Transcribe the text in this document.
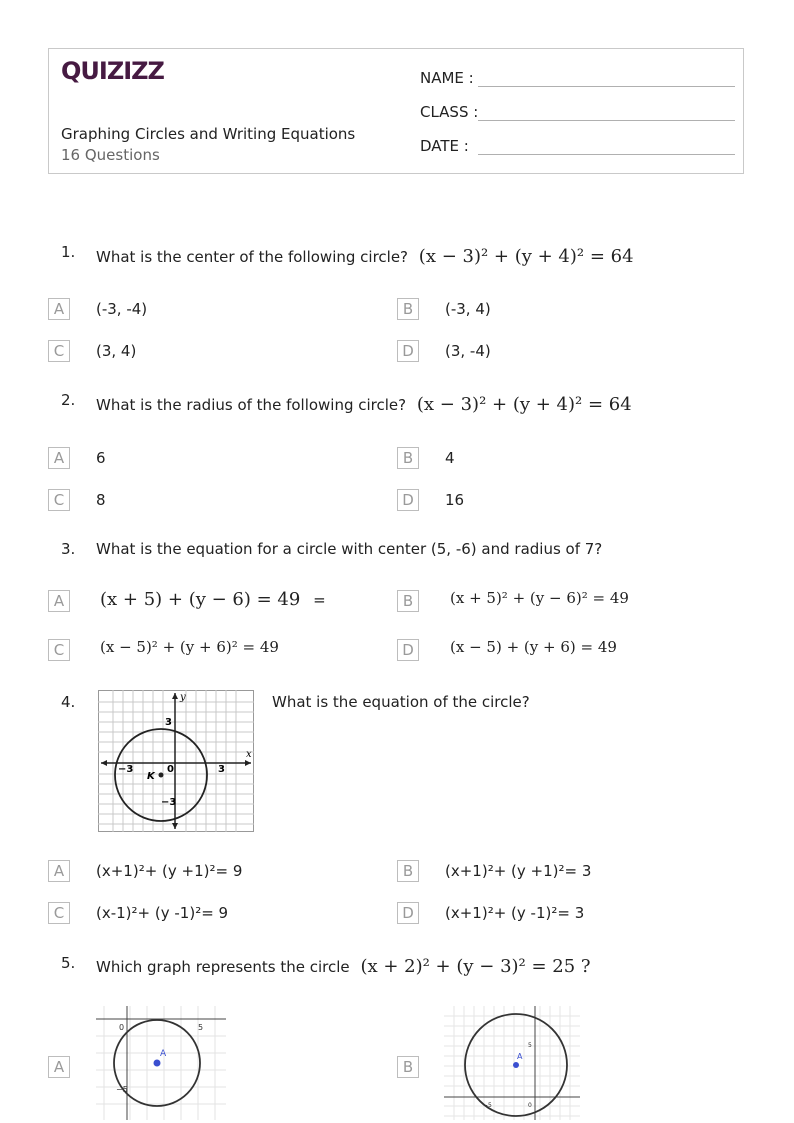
QUIZIZZ
Graphing Circles and Writing Equations
16 Questions
NAME :
CLASS :
DATE :
1. What is the center of the following circle? (x − 3)² + (y + 4)² = 64
A	(-3, -4)	B	(-3, 4)
C	(3, 4)	D	(3, -4)
2. What is the radius of the following circle? (x − 3)² + (y + 4)² = 64
A	6	B	4
C	8	D	16
3. What is the equation for a circle with center (5, -6) and radius of 7?
A	(x + 5) + (y − 6) = 49 =	B	(x + 5)² + (y − 6)² = 49
C	(x − 5)² + (y + 6)² = 49	D	(x − 5) + (y + 6) = 49
4.	What is the equation of the circle?
x
y
−3	0	3
3
−3
K
A	(x+1)²+ (y +1)²= 9	B	(x+1)²+ (y +1)²= 3
C	(x-1)²+ (y -1)²= 9	D	(x+1)²+ (y -1)²= 3
5. Which graph represents the circle (x + 2)² + (y − 3)² = 25 ?
A
0	5
−5
A
B
−5	0
5
A
